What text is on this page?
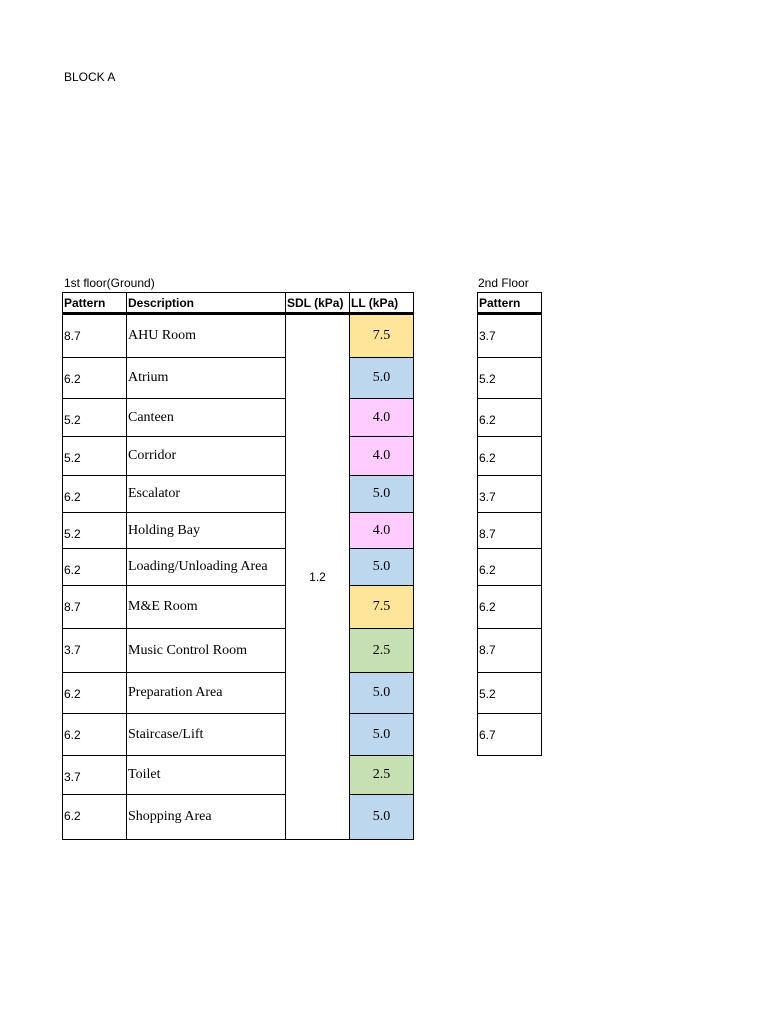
BLOCK A
1st floor(Ground)	2nd Floor
Pattern	Description	SDL (kPa)	LL (kPa)
8.7	AHU Room	1.2	7.5
6.2	Atrium		5.0
5.2	Canteen		4.0
5.2	Corridor		4.0
6.2	Escalator		5.0
5.2	Holding Bay		4.0
6.2	Loading/Unloading Area		5.0
8.7	M&E Room		7.5
3.7	Music Control Room		2.5
6.2	Preparation Area		5.0
6.2	Staircase/Lift		5.0
3.7	Toilet		2.5
6.2	Shopping Area		5.0
Pattern
3.7
5.2
6.2
6.2
3.7
8.7
6.2
6.2
8.7
5.2
6.7
